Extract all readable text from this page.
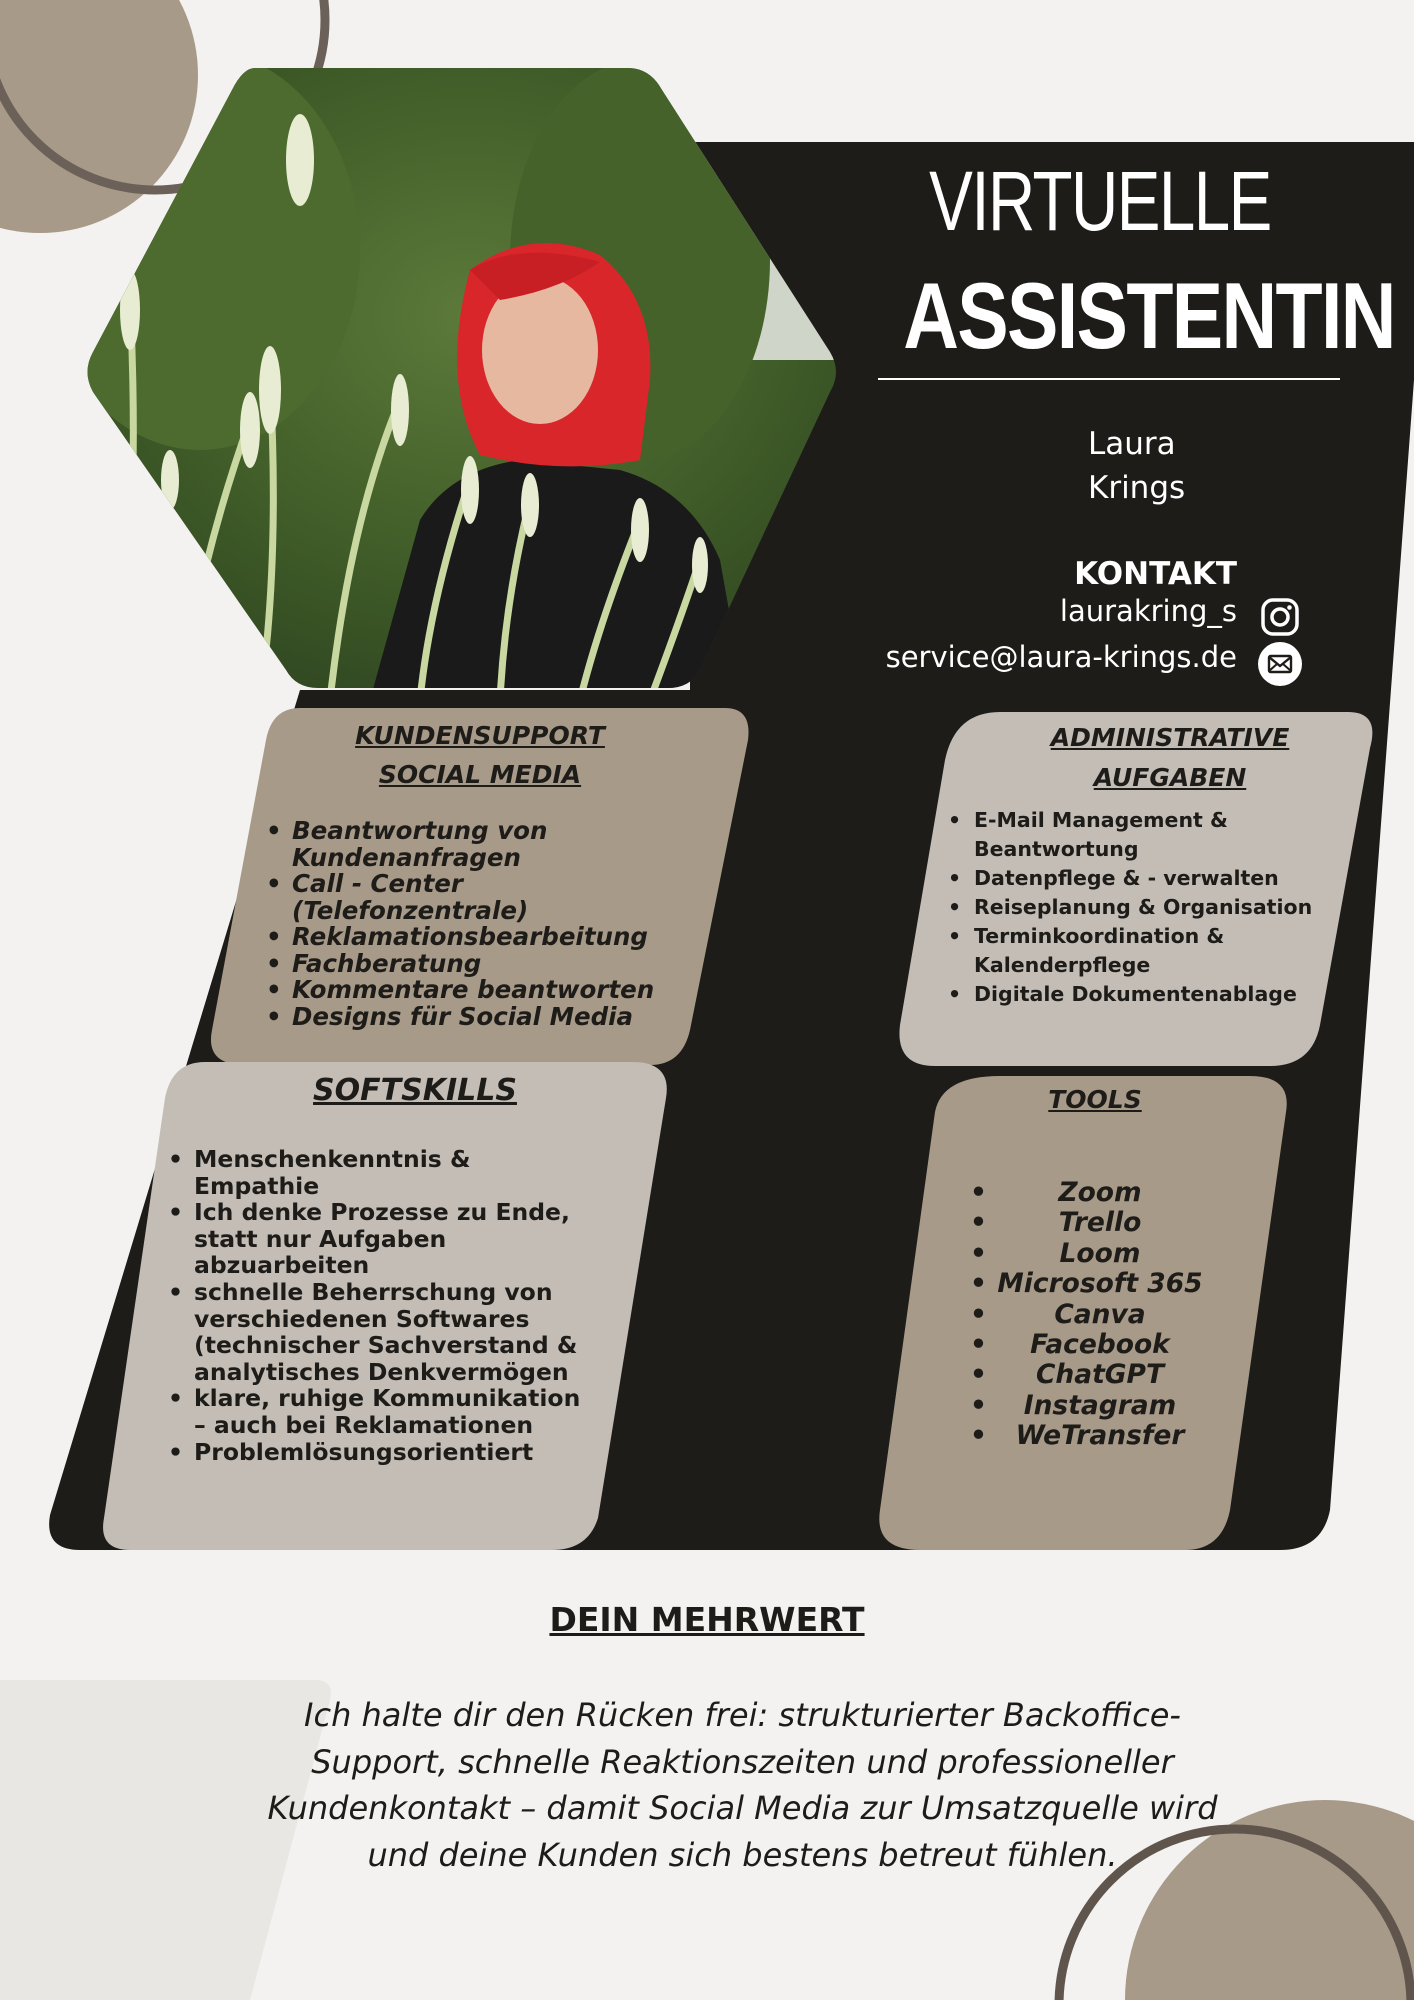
VIRTUELLE
ASSISTENTIN
Laura
Krings
KONTAKT
laurakring_s
service@laura-krings.de
KUNDENSUPPORT
SOCIAL MEDIA
• Beantwortung von Kundenanfragen
• Call - Center (Telefonzentrale)
• Reklamationsbearbeitung
• Fachberatung
• Kommentare beantworten
• Designs für Social Media
ADMINISTRATIVE
AUFGABEN
• E-Mail Management & Beantwortung
• Datenpflege & - verwalten
• Reiseplanung & Organisation
• Terminkoordination & Kalenderpflege
• Digitale Dokumentenablage
SOFTSKILLS
• Menschenkenntnis & Empathie
• Ich denke Prozesse zu Ende, statt nur Aufgaben abzuarbeiten
• schnelle Beherrschung von verschiedenen Softwares (technischer Sachverstand & analytisches Denkvermögen
• klare, ruhige Kommunikation – auch bei Reklamationen
• Problemlösungsorientiert
TOOLS
• Zoom
• Trello
• Loom
• Microsoft 365
• Canva
• Facebook
• ChatGPT
• Instagram
• WeTransfer
DEIN MEHRWERT
Ich halte dir den Rücken frei: strukturierter Backoffice-Support, schnelle Reaktionszeiten und professioneller Kundenkontakt – damit Social Media zur Umsatzquelle wird und deine Kunden sich bestens betreut fühlen.
